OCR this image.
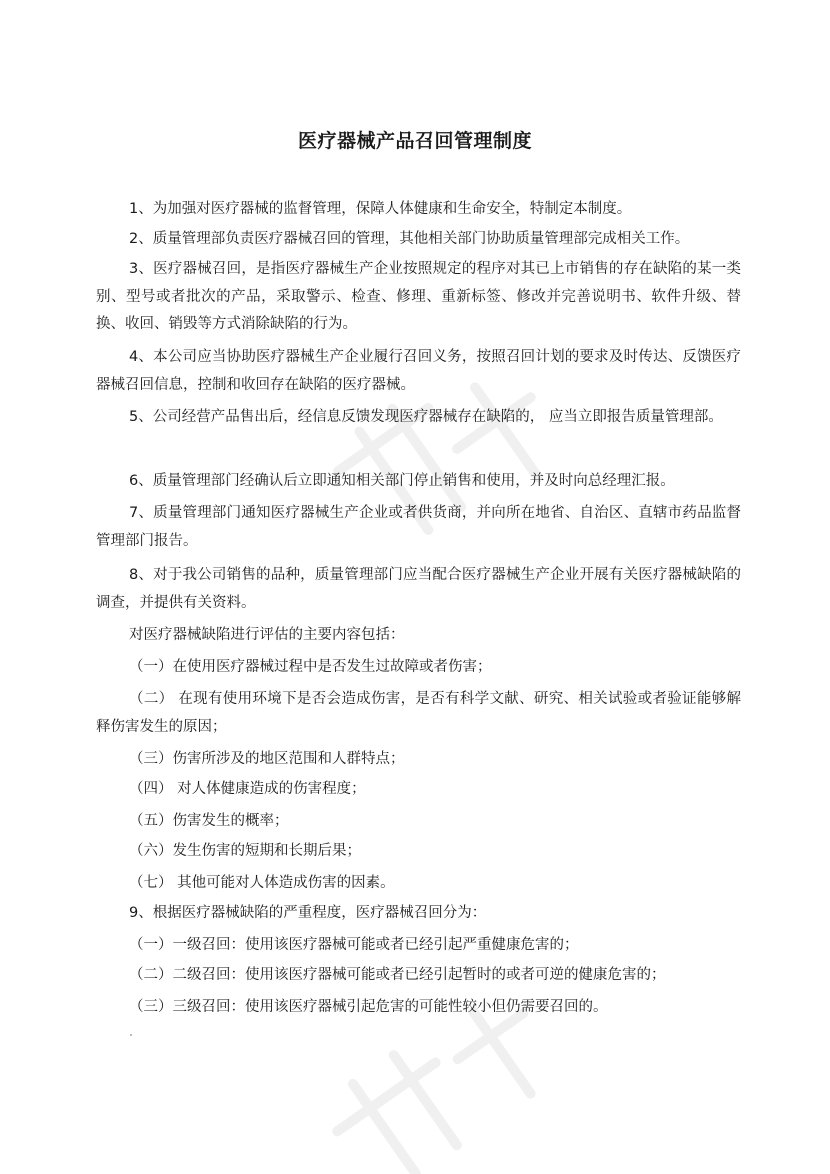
医疗器械产品召回管理制度

1、为加强对医疗器械的监督管理，保障人体健康和生命安全，特制定本制度。

2、质量管理部负责医疗器械召回的管理，其他相关部门协助质量管理部完成相关工作。

3、医疗器械召回，是指医疗器械生产企业按照规定的程序对其已上市销售的存在缺陷的某一类别、型号或者批次的产品，采取警示、检查、修理、重新标签、修改并完善说明书、软件升级、替换、收回、销毁等方式消除缺陷的行为。

4、本公司应当协助医疗器械生产企业履行召回义务，按照召回计划的要求及时传达、反馈医疗器械召回信息，控制和收回存在缺陷的医疗器械。

5、公司经营产品售出后，经信息反馈发现医疗器械存在缺陷的， 应当立即报告质量管理部。

6、质量管理部门经确认后立即通知相关部门停止销售和使用，并及时向总经理汇报。

7、质量管理部门通知医疗器械生产企业或者供货商，并向所在地省、自治区、直辖市药品监督管理部门报告。

8、对于我公司销售的品种，质量管理部门应当配合医疗器械生产企业开展有关医疗器械缺陷的调查，并提供有关资料。

对医疗器械缺陷进行评估的主要内容包括：

（一）在使用医疗器械过程中是否发生过故障或者伤害；

（二） 在现有使用环境下是否会造成伤害，是否有科学文献、研究、相关试验或者验证能够解释伤害发生的原因；

（三）伤害所涉及的地区范围和人群特点；

（四） 对人体健康造成的伤害程度；

（五）伤害发生的概率；

（六）发生伤害的短期和长期后果；

（七） 其他可能对人体造成伤害的因素。

9、根据医疗器械缺陷的严重程度，医疗器械召回分为：

（一）一级召回：使用该医疗器械可能或者已经引起严重健康危害的；

（二）二级召回：使用该医疗器械可能或者已经引起暂时的或者可逆的健康危害的；

（三）三级召回：使用该医疗器械引起危害的可能性较小但仍需要召回的。
